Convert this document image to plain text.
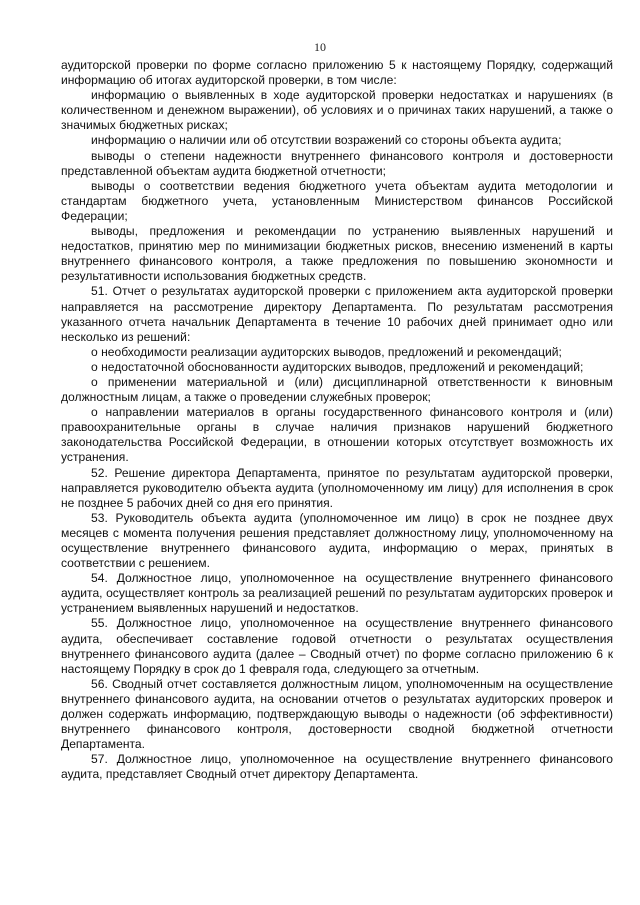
10

аудиторской проверки по форме согласно приложению 5 к настоящему Порядку, содержащий информацию об итогах аудиторской проверки, в том числе:

информацию о выявленных в ходе аудиторской проверки недостатках и нарушениях (в количественном и денежном выражении), об условиях и о причинах таких нарушений, а также о значимых бюджетных рисках;

информацию о наличии или об отсутствии возражений со стороны объекта аудита;

выводы о степени надежности внутреннего финансового контроля и достоверности представленной объектам аудита бюджетной отчетности;

выводы о соответствии ведения бюджетного учета объектам аудита методологии и стандартам бюджетного учета, установленным Министерством финансов Российской Федерации;

выводы, предложения и рекомендации по устранению выявленных нарушений и недостатков, принятию мер по минимизации бюджетных рисков, внесению изменений в карты внутреннего финансового контроля, а также предложения по повышению экономности и результативности использования бюджетных средств.

51. Отчет о результатах аудиторской проверки с приложением акта аудиторской проверки направляется на рассмотрение директору Департамента. По результатам рассмотрения указанного отчета начальник Департамента в течение 10 рабочих дней принимает одно или несколько из решений:

о необходимости реализации аудиторских выводов, предложений и рекомендаций;

о недостаточной обоснованности аудиторских выводов, предложений и рекомендаций;

о применении материальной и (или) дисциплинарной ответственности к виновным должностным лицам, а также о проведении служебных проверок;

о направлении материалов в органы государственного финансового контроля и (или) правоохранительные органы в случае наличия признаков нарушений бюджетного законодательства Российской Федерации, в отношении которых отсутствует возможность их устранения.

52. Решение директора Департамента, принятое по результатам аудиторской проверки, направляется руководителю объекта аудита (уполномоченному им лицу) для исполнения в срок не позднее 5 рабочих дней со дня его принятия.

53. Руководитель объекта аудита (уполномоченное им лицо) в срок не позднее двух месяцев с момента получения решения представляет должностному лицу, уполномоченному на осуществление внутреннего финансового аудита, информацию о мерах, принятых в соответствии с решением.

54. Должностное лицо, уполномоченное на осуществление внутреннего финансового аудита, осуществляет контроль за реализацией решений по результатам аудиторских проверок и устранением выявленных нарушений и недостатков.

55. Должностное лицо, уполномоченное на осуществление внутреннего финансового аудита, обеспечивает составление годовой отчетности о результатах осуществления внутреннего финансового аудита (далее – Сводный отчет) по форме согласно приложению 6 к настоящему Порядку в срок до 1 февраля года, следующего за отчетным.

56. Сводный отчет составляется должностным лицом, уполномоченным на осуществление внутреннего финансового аудита, на основании отчетов о результатах аудиторских проверок и должен содержать информацию, подтверждающую выводы о надежности (об эффективности) внутреннего финансового контроля, достоверности сводной бюджетной отчетности Департамента.

57. Должностное лицо, уполномоченное на осуществление внутреннего финансового аудита, представляет Сводный отчет директору Департамента.
